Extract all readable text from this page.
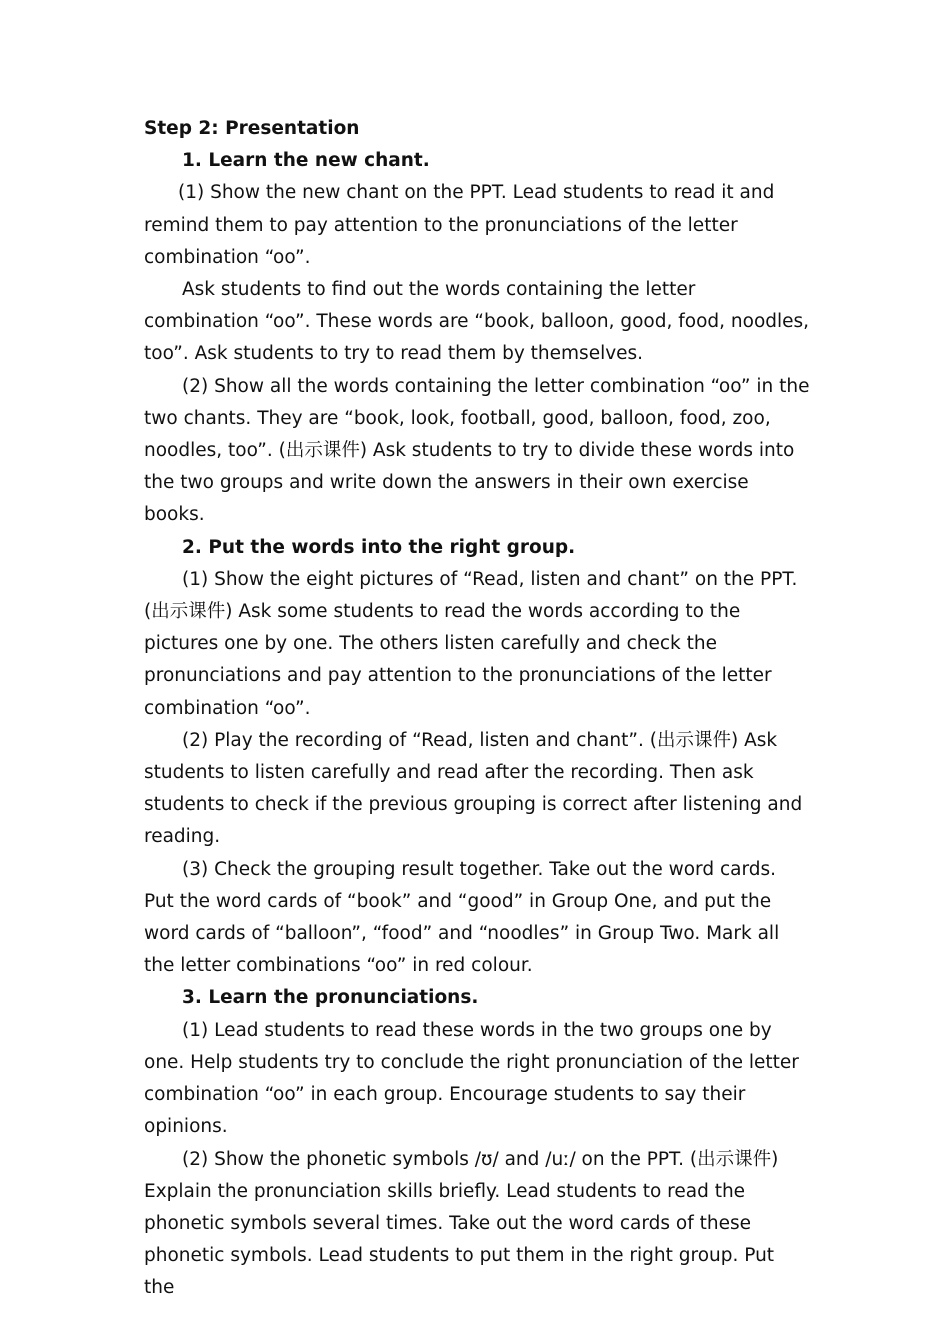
Step 2: Presentation

1. Learn the new chant.

(1) Show the new chant on the PPT. Lead students to read it and remind them to pay attention to the pronunciations of the letter combination “oo”.

Ask students to find out the words containing the letter combination “oo”. These words are “book, balloon, good, food, noodles, too”. Ask students to try to read them by themselves.

(2) Show all the words containing the letter combination “oo” in the two chants. They are “book, look, football, good, balloon, food, zoo, noodles, too”. (出示课件) Ask students to try to divide these words into the two groups and write down the answers in their own exercise books.

2. Put the words into the right group.

(1) Show the eight pictures of “Read, listen and chant” on the PPT. (出示课件) Ask some students to read the words according to the pictures one by one. The others listen carefully and check the pronunciations and pay attention to the pronunciations of the letter combination “oo”.

(2) Play the recording of “Read, listen and chant”. (出示课件) Ask students to listen carefully and read after the recording. Then ask students to check if the previous grouping is correct after listening and reading.

(3) Check the grouping result together. Take out the word cards. Put the word cards of “book” and “good” in Group One, and put the word cards of “balloon”, “food” and “noodles” in Group Two. Mark all the letter combinations “oo” in red colour.

3. Learn the pronunciations.

(1) Lead students to read these words in the two groups one by one. Help students try to conclude the right pronunciation of the letter combination “oo” in each group. Encourage students to say their opinions.

(2) Show the phonetic symbols /ʊ/ and /uː/ on the PPT. (出示课件) Explain the pronunciation skills briefly. Lead students to read the phonetic symbols several times. Take out the word cards of these phonetic symbols. Lead students to put them in the right group. Put the
